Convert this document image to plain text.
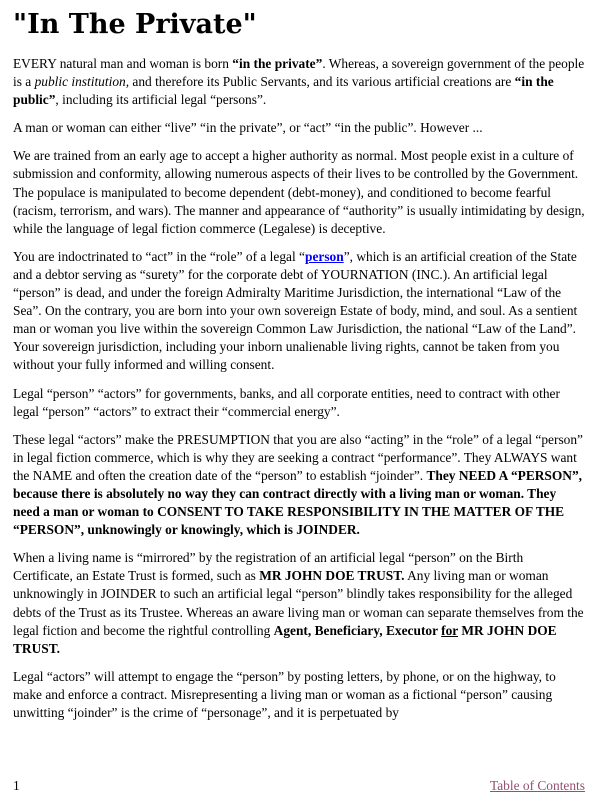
"In The Private"

EVERY natural man and woman is born “in the private”. Whereas, a sovereign government of the people is a public institution, and therefore its Public Servants, and its various artificial creations are “in the public”, including its artificial legal “persons”.

A man or woman can either “live” “in the private”, or “act” “in the public”. However ...

We are trained from an early age to accept a higher authority as normal. Most people exist in a culture of submission and conformity, allowing numerous aspects of their lives to be controlled by the Government. The populace is manipulated to become dependent (debt-money), and conditioned to become fearful (racism, terrorism, and wars). The manner and appearance of “authority” is usually intimidating by design, while the language of legal fiction commerce (Legalese) is deceptive.

You are indoctrinated to “act” in the “role” of a legal “person”, which is an artificial creation of the State and a debtor serving as “surety” for the corporate debt of YOURNATION (INC.). An artificial legal “person” is dead, and under the foreign Admiralty Maritime Jurisdiction, the international “Law of the Sea”. On the contrary, you are born into your own sovereign Estate of body, mind, and soul. As a sentient man or woman you live within the sovereign Common Law Jurisdiction, the national “Law of the Land”. Your sovereign jurisdiction, including your inborn unalienable living rights, cannot be taken from you without your fully informed and willing consent.

Legal “person” “actors” for governments, banks, and all corporate entities, need to contract with other legal “person” “actors” to extract their “commercial energy”.

These legal “actors” make the PRESUMPTION that you are also “acting” in the “role” of a legal “person” in legal fiction commerce, which is why they are seeking a contract “performance”. They ALWAYS want the NAME and often the creation date of the “person” to establish “joinder”. They NEED A “PERSON”, because there is absolutely no way they can contract directly with a living man or woman. They need a man or woman to CONSENT TO TAKE RESPONSIBILITY IN THE MATTER OF THE “PERSON”, unknowingly or knowingly, which is JOINDER.

When a living name is “mirrored” by the registration of an artificial legal “person” on the Birth Certificate, an Estate Trust is formed, such as MR JOHN DOE TRUST. Any living man or woman unknowingly in JOINDER to such an artificial legal “person” blindly takes responsibility for the alleged debts of the Trust as its Trustee. Whereas an aware living man or woman can separate themselves from the legal fiction and become the rightful controlling Agent, Beneficiary, Executor for MR JOHN DOE TRUST.

Legal “actors” will attempt to engage the “person” by posting letters, by phone, or on the highway, to make and enforce a contract. Misrepresenting a living man or woman as a fictional “person” causing unwitting “joinder” is the crime of “personage”, and it is perpetuated by

1	Table of Contents
